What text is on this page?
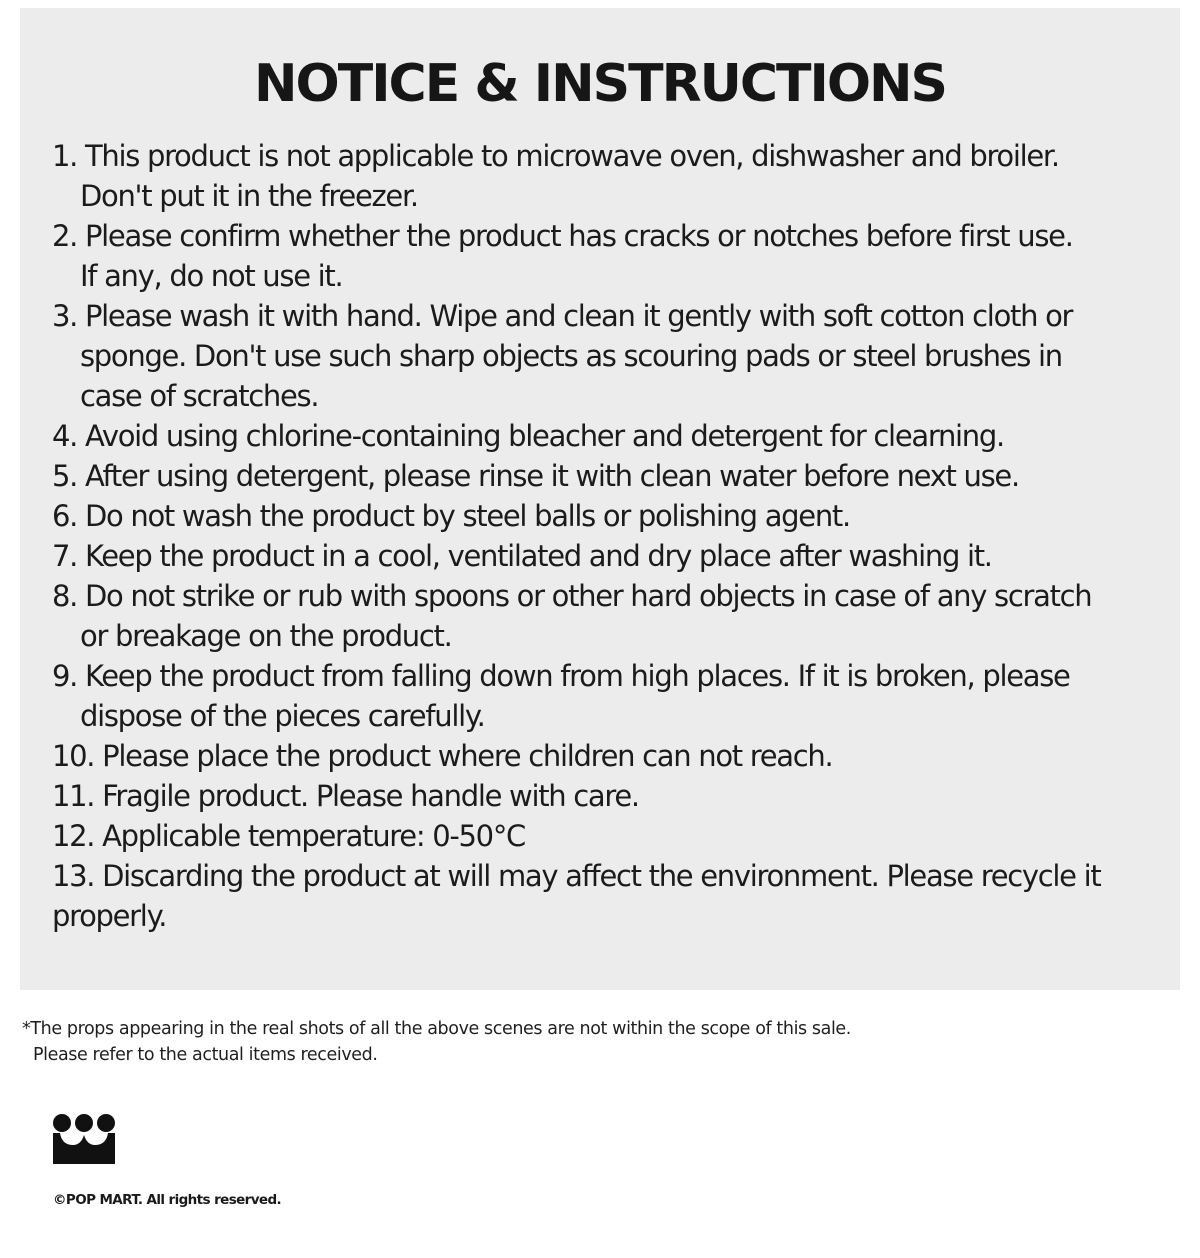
NOTICE & INSTRUCTIONS
1. This product is not applicable to microwave oven, dishwasher and broiler.
Don't put it in the freezer.
2. Please confirm whether the product has cracks or notches before first use.
If any, do not use it.
3. Please wash it with hand. Wipe and clean it gently with soft cotton cloth or
sponge. Don't use such sharp objects as scouring pads or steel brushes in
case of scratches.
4. Avoid using chlorine-containing bleacher and detergent for clearning.
5. After using detergent, please rinse it with clean water before next use.
6. Do not wash the product by steel balls or polishing agent.
7. Keep the product in a cool, ventilated and dry place after washing it.
8. Do not strike or rub with spoons or other hard objects in case of any scratch
or breakage on the product.
9. Keep the product from falling down from high places. If it is broken, please
dispose of the pieces carefully.
10. Please place the product where children can not reach.
11. Fragile product. Please handle with care.
12. Applicable temperature: 0-50°C
13. Discarding the product at will may affect the environment. Please recycle it
properly.

*The props appearing in the real shots of all the above scenes are not within the scope of this sale.
Please refer to the actual items received.

©POP MART. All rights reserved.
